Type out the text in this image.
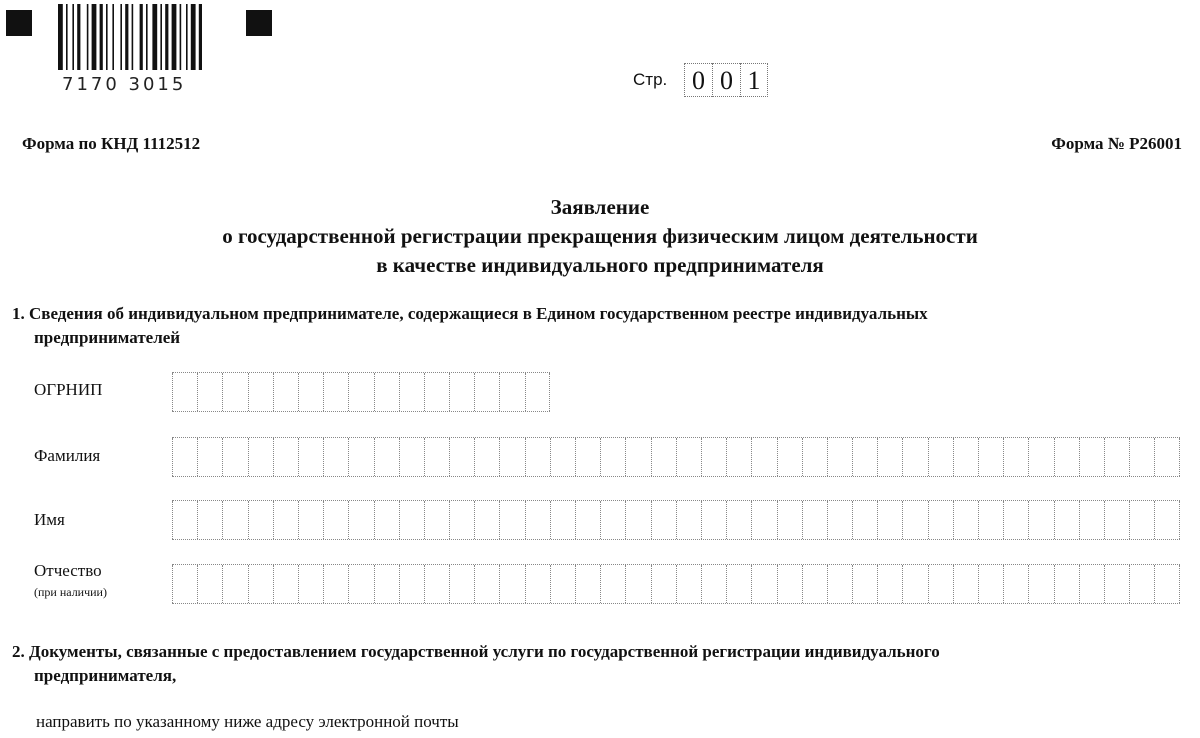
7170 3015	Стр. 0 0 1
Форма по КНД 1112512	Форма № Р26001
Заявление
о государственной регистрации прекращения физическим лицом деятельности
в качестве индивидуального предпринимателя
1. Сведения об индивидуальном предпринимателе, содержащиеся в Едином государственном реестре индивидуальных
предпринимателей
ОГРНИП
Фамилия
Имя
Отчество
(при наличии)
2. Документы, связанные с предоставлением государственной услуги по государственной регистрации индивидуального
предпринимателя,
направить по указанному ниже адресу электронной почты
